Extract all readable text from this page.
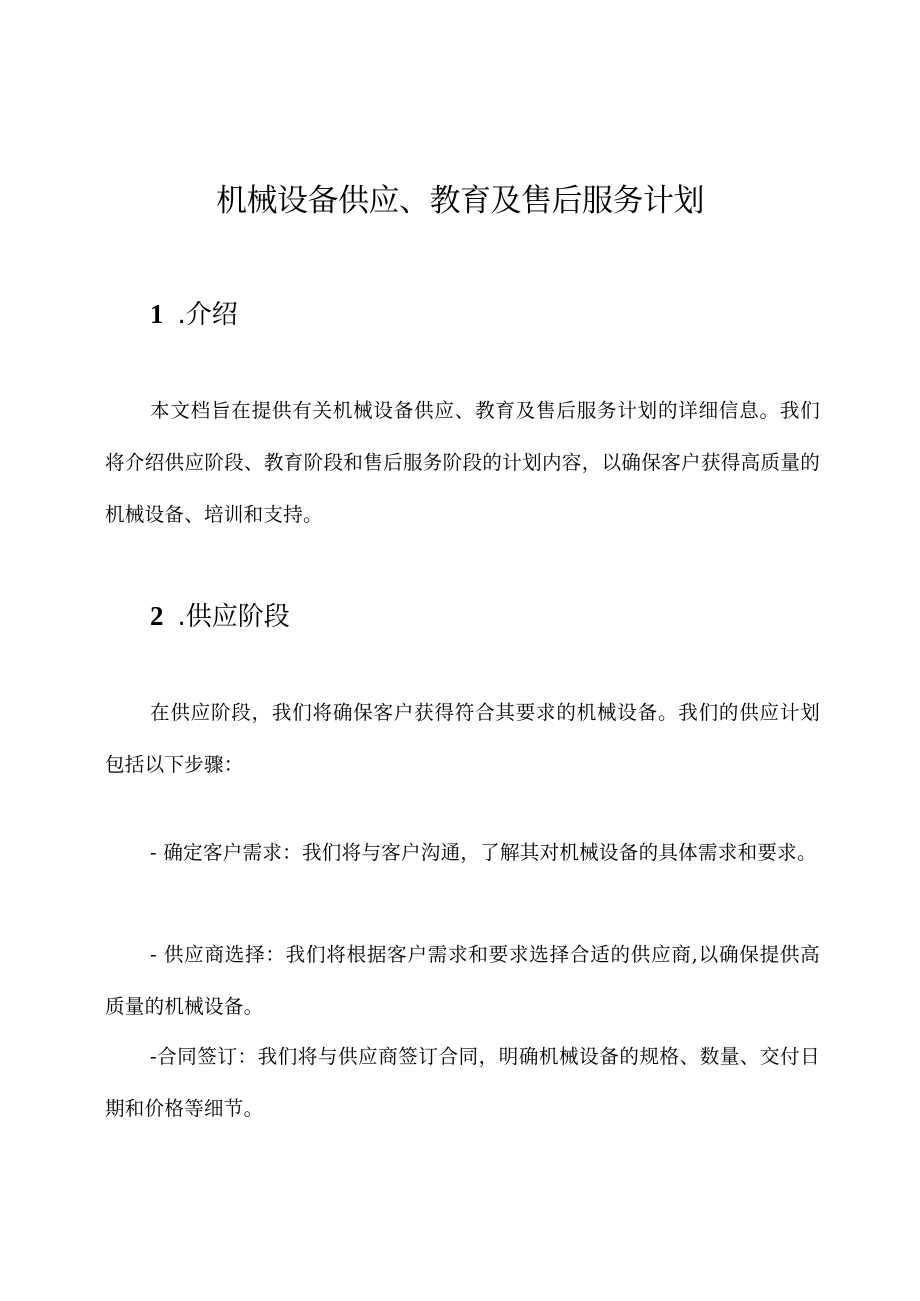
机械设备供应、教育及售后服务计划
1 .介绍

本文档旨在提供有关机械设备供应、教育及售后服务计划的详细信息。我们将介绍供应阶段、教育阶段和售后服务阶段的计划内容，以确保客户获得高质量的机械设备、培训和支持。

2 .供应阶段

在供应阶段，我们将确保客户获得符合其要求的机械设备。我们的供应计划包括以下步骤：

- 确定客户需求：我们将与客户沟通，了解其对机械设备的具体需求和要求。

- 供应商选择：我们将根据客户需求和要求选择合适的供应商,以确保提供高质量的机械设备。

-合同签订：我们将与供应商签订合同，明确机械设备的规格、数量、交付日期和价格等细节。
